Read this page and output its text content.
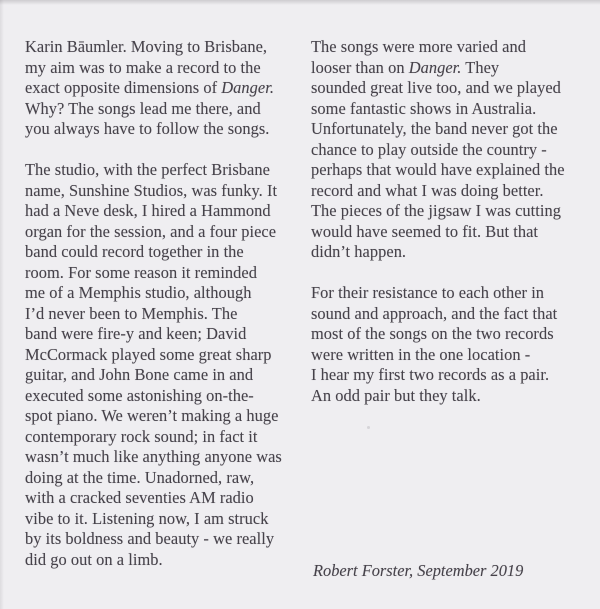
Karin Bāumler. Moving to Brisbane,
my aim was to make a record to the
exact opposite dimensions of Danger.
Why? The songs lead me there, and
you always have to follow the songs.

The studio, with the perfect Brisbane
name, Sunshine Studios, was funky. It
had a Neve desk, I hired a Hammond
organ for the session, and a four piece
band could record together in the
room. For some reason it reminded
me of a Memphis studio, although
I’d never been to Memphis. The
band were fire-y and keen; David
McCormack played some great sharp
guitar, and John Bone came in and
executed some astonishing on-the-
spot piano. We weren’t making a huge
contemporary rock sound; in fact it
wasn’t much like anything anyone was
doing at the time. Unadorned, raw,
with a cracked seventies AM radio
vibe to it. Listening now, I am struck
by its boldness and beauty - we really
did go out on a limb.

The songs were more varied and
looser than on Danger. They
sounded great live too, and we played
some fantastic shows in Australia.
Unfortunately, the band never got the
chance to play outside the country -
perhaps that would have explained the
record and what I was doing better.
The pieces of the jigsaw I was cutting
would have seemed to fit. But that
didn’t happen.

For their resistance to each other in
sound and approach, and the fact that
most of the songs on the two records
were written in the one location -
I hear my first two records as a pair.
An odd pair but they talk.

Robert Forster, September 2019
